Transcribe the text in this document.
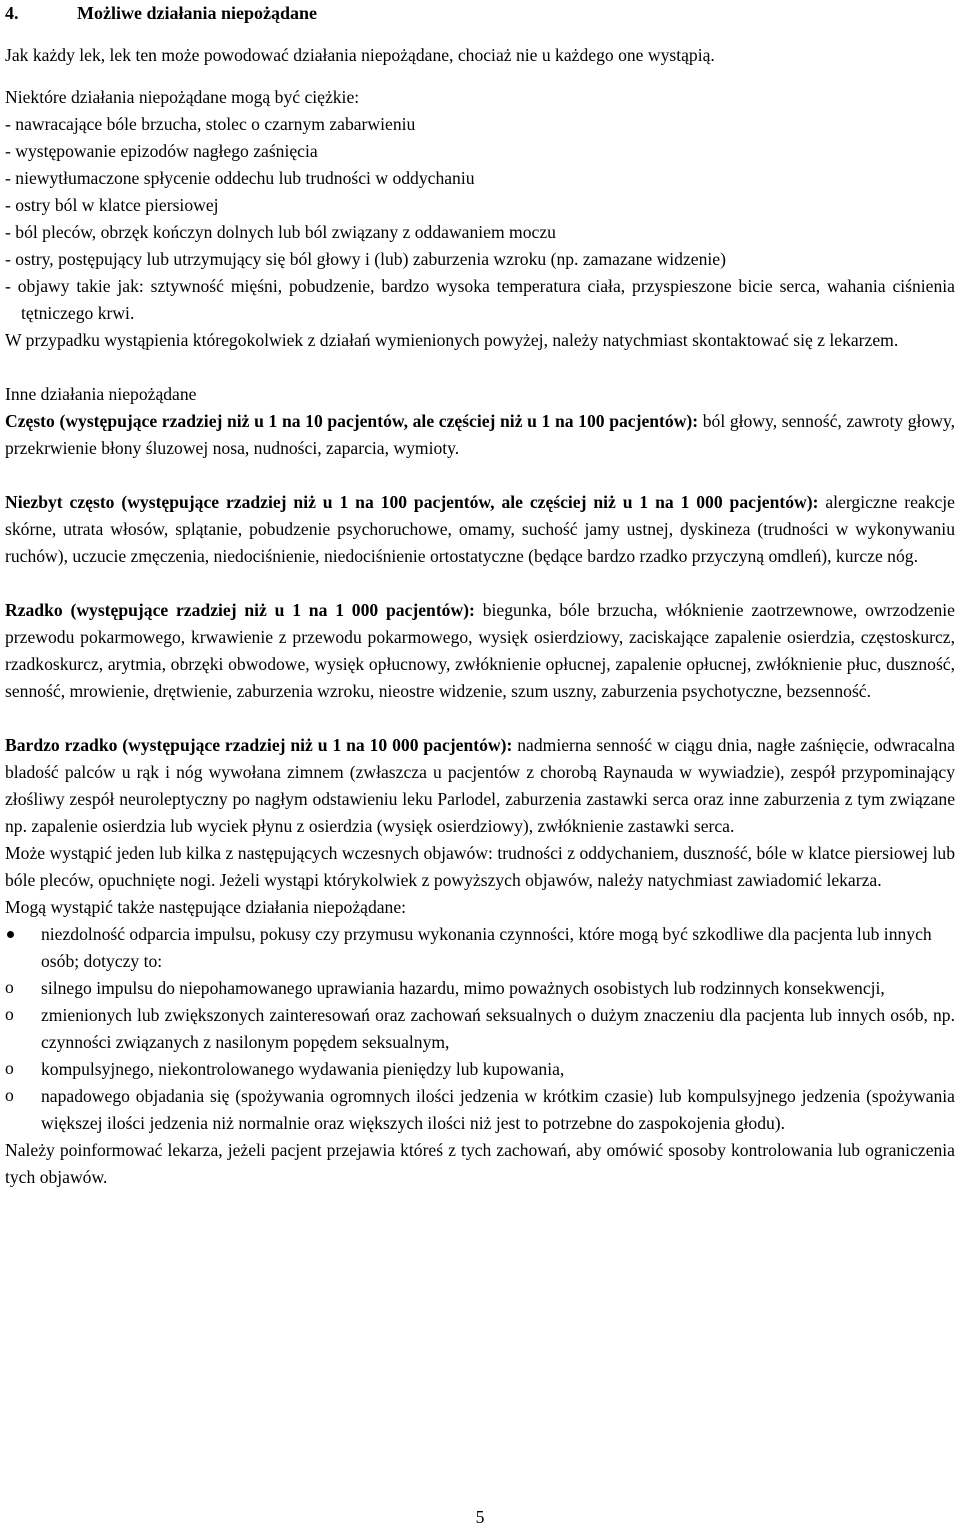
4.	Możliwe działania niepożądane

Jak każdy lek, lek ten może powodować działania niepożądane, chociaż nie u każdego one wystąpią.

Niektóre działania niepożądane mogą być ciężkie:

- nawracające bóle brzucha, stolec o czarnym zabarwieniu
- występowanie epizodów nagłego zaśnięcia
- niewytłumaczone spłycenie oddechu lub trudności w oddychaniu
- ostry ból w klatce piersiowej
- ból pleców, obrzęk kończyn dolnych lub ból związany z oddawaniem moczu
- ostry, postępujący lub utrzymujący się ból głowy i (lub) zaburzenia wzroku (np. zamazane widzenie)
- objawy takie jak: sztywność mięśni, pobudzenie, bardzo wysoka temperatura ciała, przyspieszone bicie serca, wahania ciśnienia tętniczego krwi.

W przypadku wystąpienia któregokolwiek z działań wymienionych powyżej, należy natychmiast skontaktować się z lekarzem.

Inne działania niepożądane

Często (występujące rzadziej niż u 1 na 10 pacjentów, ale częściej niż u 1 na 100 pacjentów): ból głowy, senność, zawroty głowy, przekrwienie błony śluzowej nosa, nudności, zaparcia, wymioty.

Niezbyt często (występujące rzadziej niż u 1 na 100 pacjentów, ale częściej niż u 1 na 1 000 pacjentów): alergiczne reakcje skórne, utrata włosów, splątanie, pobudzenie psychoruchowe, omamy, suchość jamy ustnej, dyskineza (trudności w wykonywaniu ruchów), uczucie zmęczenia, niedociśnienie, niedociśnienie ortostatyczne (będące bardzo rzadko przyczyną omdleń), kurcze nóg.

Rzadko (występujące rzadziej niż u 1 na 1 000 pacjentów): biegunka, bóle brzucha, włóknienie zaotrzewnowe, owrzodzenie przewodu pokarmowego, krwawienie z przewodu pokarmowego, wysięk osierdziowy, zaciskające zapalenie osierdzia, częstoskurcz, rzadkoskurcz, arytmia, obrzęki obwodowe, wysięk opłucnowy, zwłóknienie opłucnej, zapalenie opłucnej, zwłóknienie płuc, duszność, senność, mrowienie, drętwienie, zaburzenia wzroku, nieostre widzenie, szum uszny, zaburzenia psychotyczne, bezsenność.

Bardzo rzadko (występujące rzadziej niż u 1 na 10 000 pacjentów): nadmierna senność w ciągu dnia, nagłe zaśnięcie, odwracalna bladość palców u rąk i nóg wywołana zimnem (zwłaszcza u pacjentów z chorobą Raynauda w wywiadzie), zespół przypominający złośliwy zespół neuroleptyczny po nagłym odstawieniu leku Parlodel, zaburzenia zastawki serca oraz inne zaburzenia z tym związane np. zapalenie osierdzia lub wyciek płynu z osierdzia (wysięk osierdziowy), zwłóknienie zastawki serca.

Może wystąpić jeden lub kilka z następujących wczesnych objawów: trudności z oddychaniem, duszność, bóle w klatce piersiowej lub bóle pleców, opuchnięte nogi. Jeżeli wystąpi którykolwiek z powyższych objawów, należy natychmiast zawiadomić lekarza.

Mogą wystąpić także następujące działania niepożądane:

niezdolność odparcia impulsu, pokusy czy przymusu wykonania czynności, które mogą być szkodliwe dla pacjenta lub innych osób; dotyczy to:
silnego impulsu do niepohamowanego uprawiania hazardu, mimo poważnych osobistych lub rodzinnych konsekwencji,
zmienionych lub zwiększonych zainteresowań oraz zachowań seksualnych o dużym znaczeniu dla pacjenta lub innych osób, np. czynności związanych z nasilonym popędem seksualnym,
kompulsyjnego, niekontrolowanego wydawania pieniędzy lub kupowania,
napadowego objadania się (spożywania ogromnych ilości jedzenia w krótkim czasie) lub kompulsyjnego jedzenia (spożywania większej ilości jedzenia niż normalnie oraz większych ilości niż jest to potrzebne do zaspokojenia głodu).

Należy poinformować lekarza, jeżeli pacjent przejawia któreś z tych zachowań, aby omówić sposoby kontrolowania lub ograniczenia tych objawów.

5
